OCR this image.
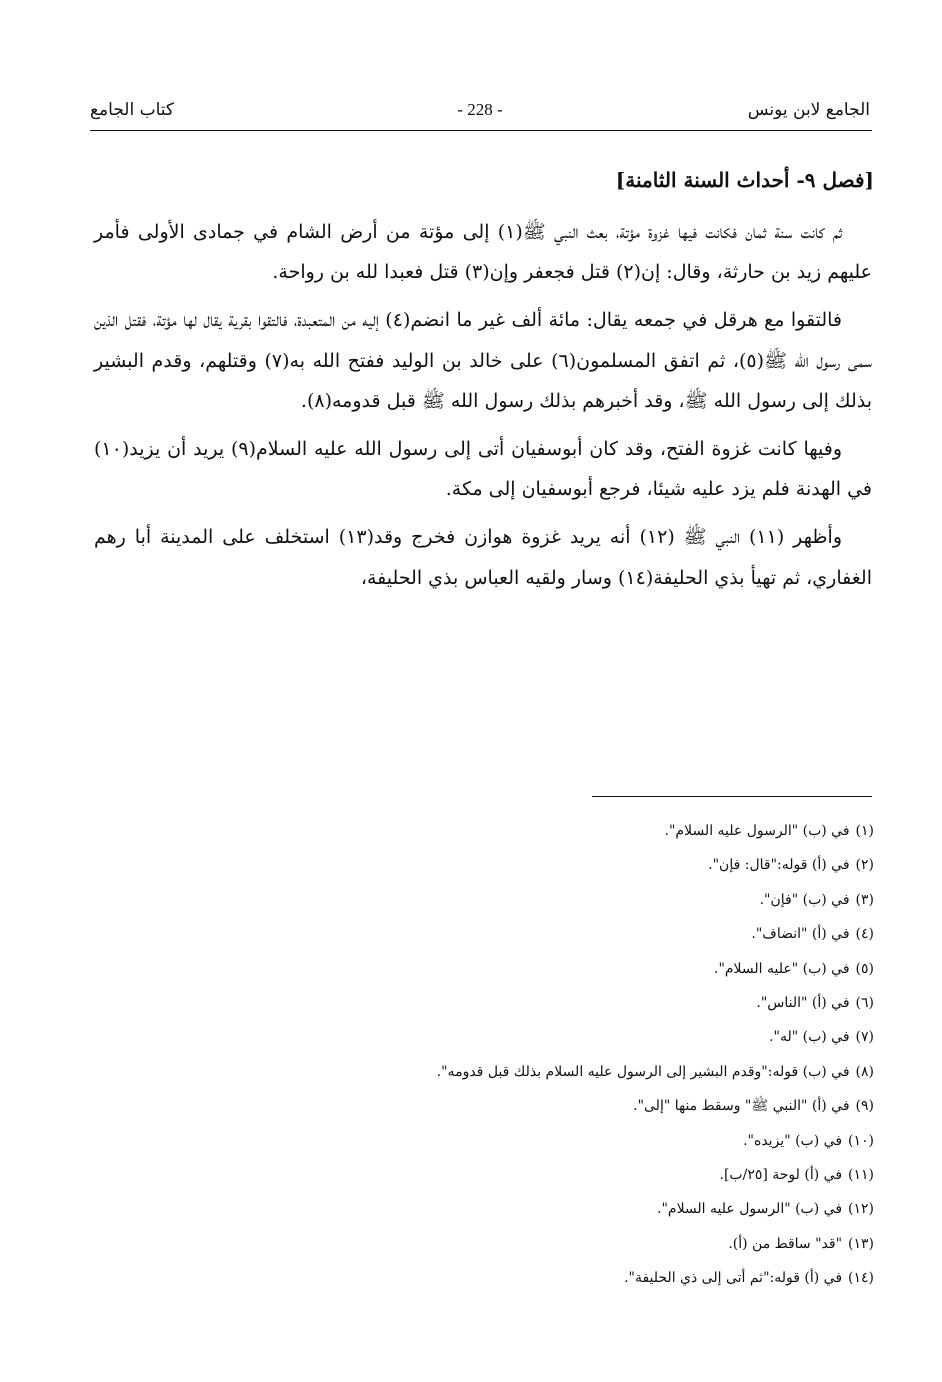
الجامع لابن يونس
- 228 -
كتاب الجامع
[فصل ٩- أحداث السنة الثامنة]

ثم كانت سنة ثمان فكانت فيها غزوة مؤتة، بعث النبي ﷺ(١) إلى مؤتة من أرض الشام في جمادى الأولى فأمر عليهم زيد بن حارثة، وقال: إن(٢) قتل فجعفر وإن(٣) قتل فعبدا لله بن رواحة.

فالتقوا مع هرقل في جمعه يقال: مائة ألف غير ما انضم(٤) إليه من المتعبدة، فالتقوا بقرية يقال لها مؤتة، فقتل الذين سمى رسول الله ﷺ(٥)، ثم اتفق المسلمون(٦) على خالد بن الوليد ففتح الله به(٧) وقتلهم، وقدم البشير بذلك إلى رسول الله ﷺ، وقد أخبرهم بذلك رسول الله ﷺ قبل قدومه(٨).

وفيها كانت غزوة الفتح، وقد كان أبوسفيان أتى إلى رسول الله عليه السلام(٩) يريد أن يزيد(١٠) في الهدنة فلم يزد عليه شيئا، فرجع أبوسفيان إلى مكة.

وأظهر (١١) النبي ﷺ (١٢) أنه يريد غزوة هوازن فخرج وقد(١٣) استخلف على المدينة أبا رهم الغفاري، ثم تهيأ بذي الحليفة(١٤) وسار ولقيه العباس بذي الحليفة،

(١)في (ب) "الرسول عليه السلام".
(٢)في (أ) قوله:"قال: فإن".
(٣)في (ب) "فإن".
(٤)في (أ) "انضاف".
(٥)في (ب) "عليه السلام".
(٦)في (أ) "الناس".
(٧)في (ب) "له".
(٨)في (ب) قوله:"وقدم البشير إلى الرسول عليه السلام بذلك قبل قدومه".
(٩)في (أ) "النبي ﷺ" وسقط منها "إلى".
(١٠)في (ب) "يزيده".
(١١)في (أ) لوحة [٢٥/ب].
(١٢)في (ب) "الرسول عليه السلام".
(١٣)"قد" ساقط من (أ).
(١٤)في (أ) قوله:"ثم أتى إلى ذي الحليفة".
